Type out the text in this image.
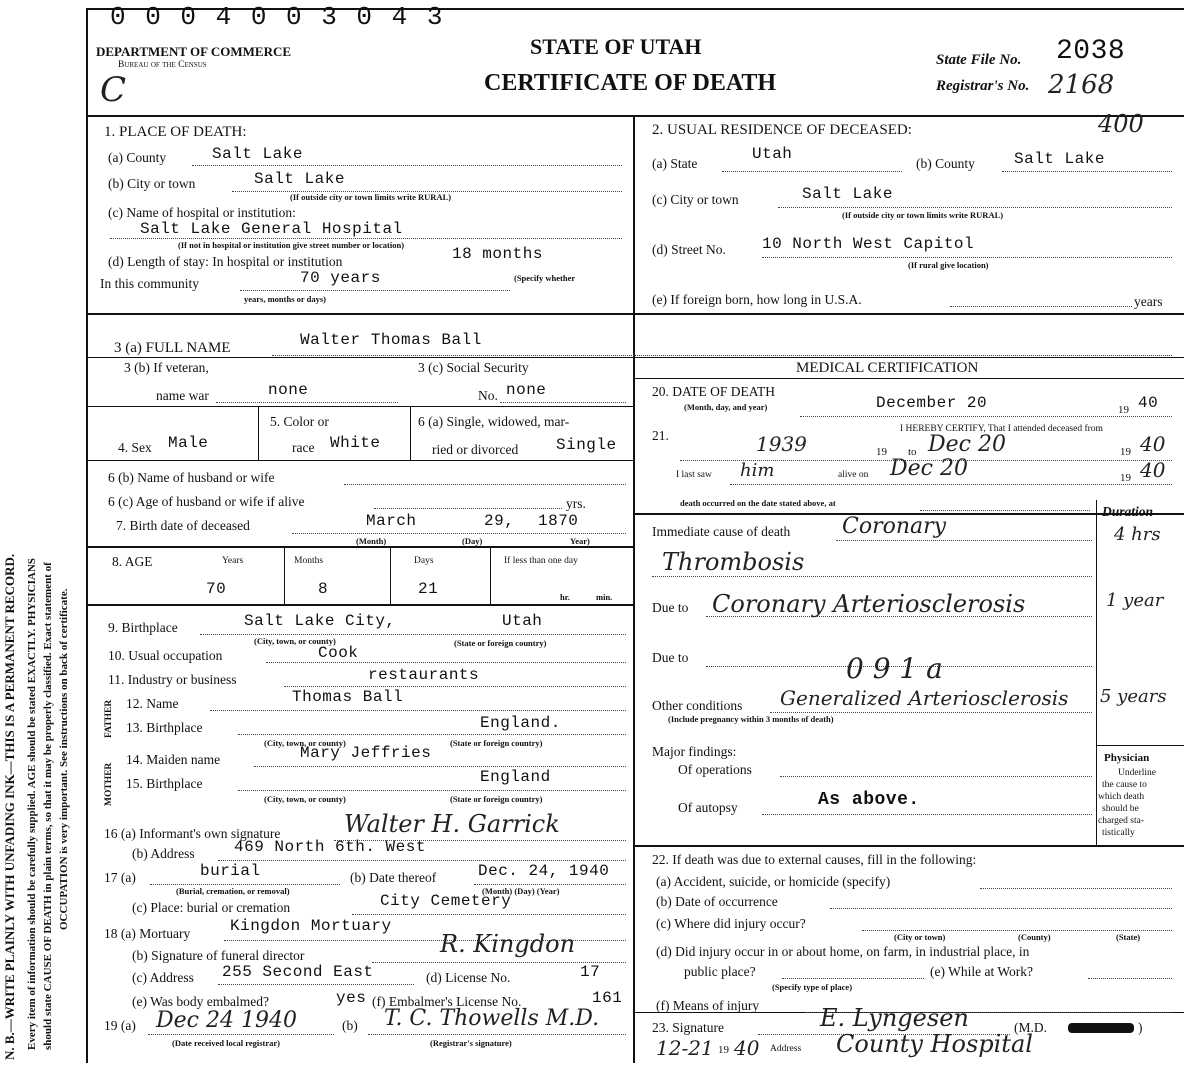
N. B.—WRITE PLAINLY WITH UNFADING INK—THIS IS A PERMANENT RECORD. Every item of information should be carefully supplied. AGE should be stated EXACTLY. PHYSICIANS should state CAUSE OF DEATH in plain terms, so that it may be properly classified. Exact statement of OCCUPATION is very important. See instructions on back of certificate.
0 0 0 4 0 0 3 0 4 3
DEPARTMENT OF COMMERCE
Bureau of the Census
C
STATE OF UTAH
CERTIFICATE OF DEATH
State File No. 2038
Registrar's No. 2168
1. PLACE OF DEATH:
(a) County	Salt Lake
(b) City or town	Salt Lake
(If outside city or town limits write RURAL)
(c) Name of hospital or institution:
Salt Lake General Hospital
(If not in hospital or institution give street number or location)
(d) Length of stay: In hospital or institution	18 months
In this community	70 years	(Specify whether
years, months or days)
2. USUAL RESIDENCE OF DECEASED:	400
(a) State
Utah
(b) County Salt Lake
(c) City or town	Salt Lake
(If outside city or town limits write RURAL)
(d) Street No. 10 North West Capitol
(If rural give location)
(e) If foreign born, how long in U.S.A.	years
3 (a) FULL NAME	Walter Thomas Ball
3 (b) If veteran,
name war	none
3 (c) Social Security
No. none
4. Sex Male
5. Color or
race White
6 (a) Single, widowed, mar-
ried or divorced Single
6 (b) Name of husband or wife
6 (c) Age of husband or wife if alive	yrs.
7. Birth date of deceased	March	29, 1870
(Month)	(Day)	Year)
8. AGE	Years	Months	Days	If less than one day
70	8	21	hr.	min.
9. Birthplace	Salt Lake City,	Utah
(City, town, or county)	(State or foreign country)
10. Usual occupation	Cook
11. Industry or business	restaurants
FATHER 12. Name	Thomas Ball
13. Birthplace	England.
(City, town, or county)	(State or foreign country)
MOTHER
14. Maiden name	Mary Jeffries
15. Birthplace	England
(City, town, or county)	(State or foreign country)
16 (a) Informant's own signature	Walter H. Garrick
(b) Address 469 North 6th. West
17 (a)	burial
(Burial, cremation, or removal)
(b) Date thereof	Dec. 24, 1940
(Month) (Day) (Year)
(c) Place: burial or cremation	City Cemetery
18 (a) Mortuary Kingdon Mortuary
(b) Signature of funeral director	R. Kingdon
(c) Address 255 Second East	(d) License No.	17
(e) Was body embalmed?	yes (f) Embalmer's License No.	161
19 (a) Dec 24 1940
(Date received local registrar)
(b) T. C. Thowells M.D.
(Registrar's signature)
MEDICAL CERTIFICATION
20. DATE OF DEATH
(Month, day, and year)	December 20	19 40
21.	I HEREBY CERTIFY, That I attended deceased from
1939	19 to Dec 20	19 40
I last saw him	alive on Dec 20	19 40
death occurred on the date stated above, at
Duration
Immediate cause of death Coronary
Thrombosis
4 hrs
Due to Coronary Arteriosclerosis	1 year
Due to	0 9 1 a
Other conditions Generalized Arteriosclerosis
(Include pregnancy within 3 months of death)
5 years
Major findings:
Of operations
Of autopsy	As above.
Physician
Underline
the cause to
which death
should be
charged sta-
tistically
22. If death was due to external causes, fill in the following:
(a) Accident, suicide, or homicide (specify)
(b) Date of occurrence
(c) Where did injury occur?
(City or town)	(County)	(State)
(d) Did injury occur in or about home, on farm, in industrial place, in
public place?	(e) While at Work?
(Specify type of place)
(f) Means of injury
23. Signature	E. Lyngesen	(M.D.	)
12-21 19 40 Address County Hospital
